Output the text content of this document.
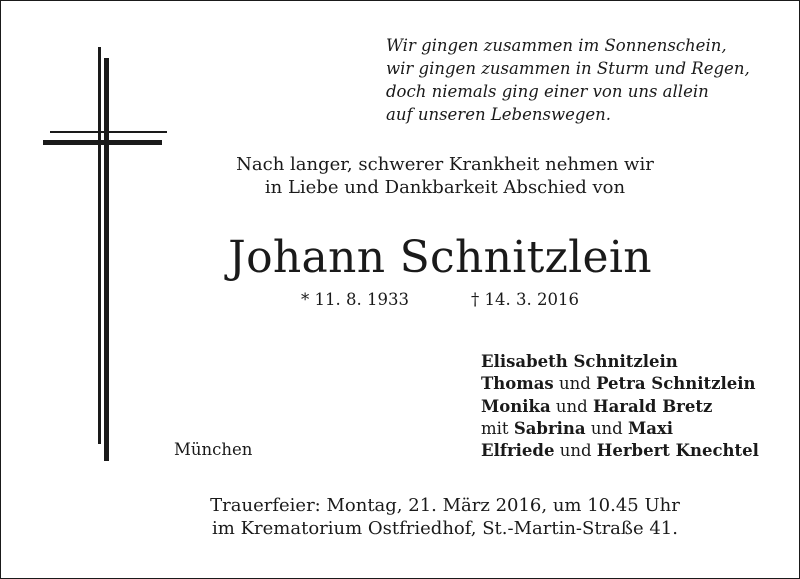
Wir gingen zusammen im Sonnenschein,
wir gingen zusammen in Sturm und Regen,
doch niemals ging einer von uns allein
auf unseren Lebenswegen.
Nach langer, schwerer Krankheit nehmen wir
in Liebe und Dankbarkeit Abschied von
Johann Schnitzlein
* 11. 8. 1933	† 14. 3. 2016
Elisabeth Schnitzlein
Thomas und Petra Schnitzlein
Monika und Harald Bretz
mit Sabrina und Maxi
Elfriede und Herbert Knechtel
München
Trauerfeier: Montag, 21. März 2016, um 10.45 Uhr
im Krematorium Ostfriedhof, St.-Martin-Straße 41.
